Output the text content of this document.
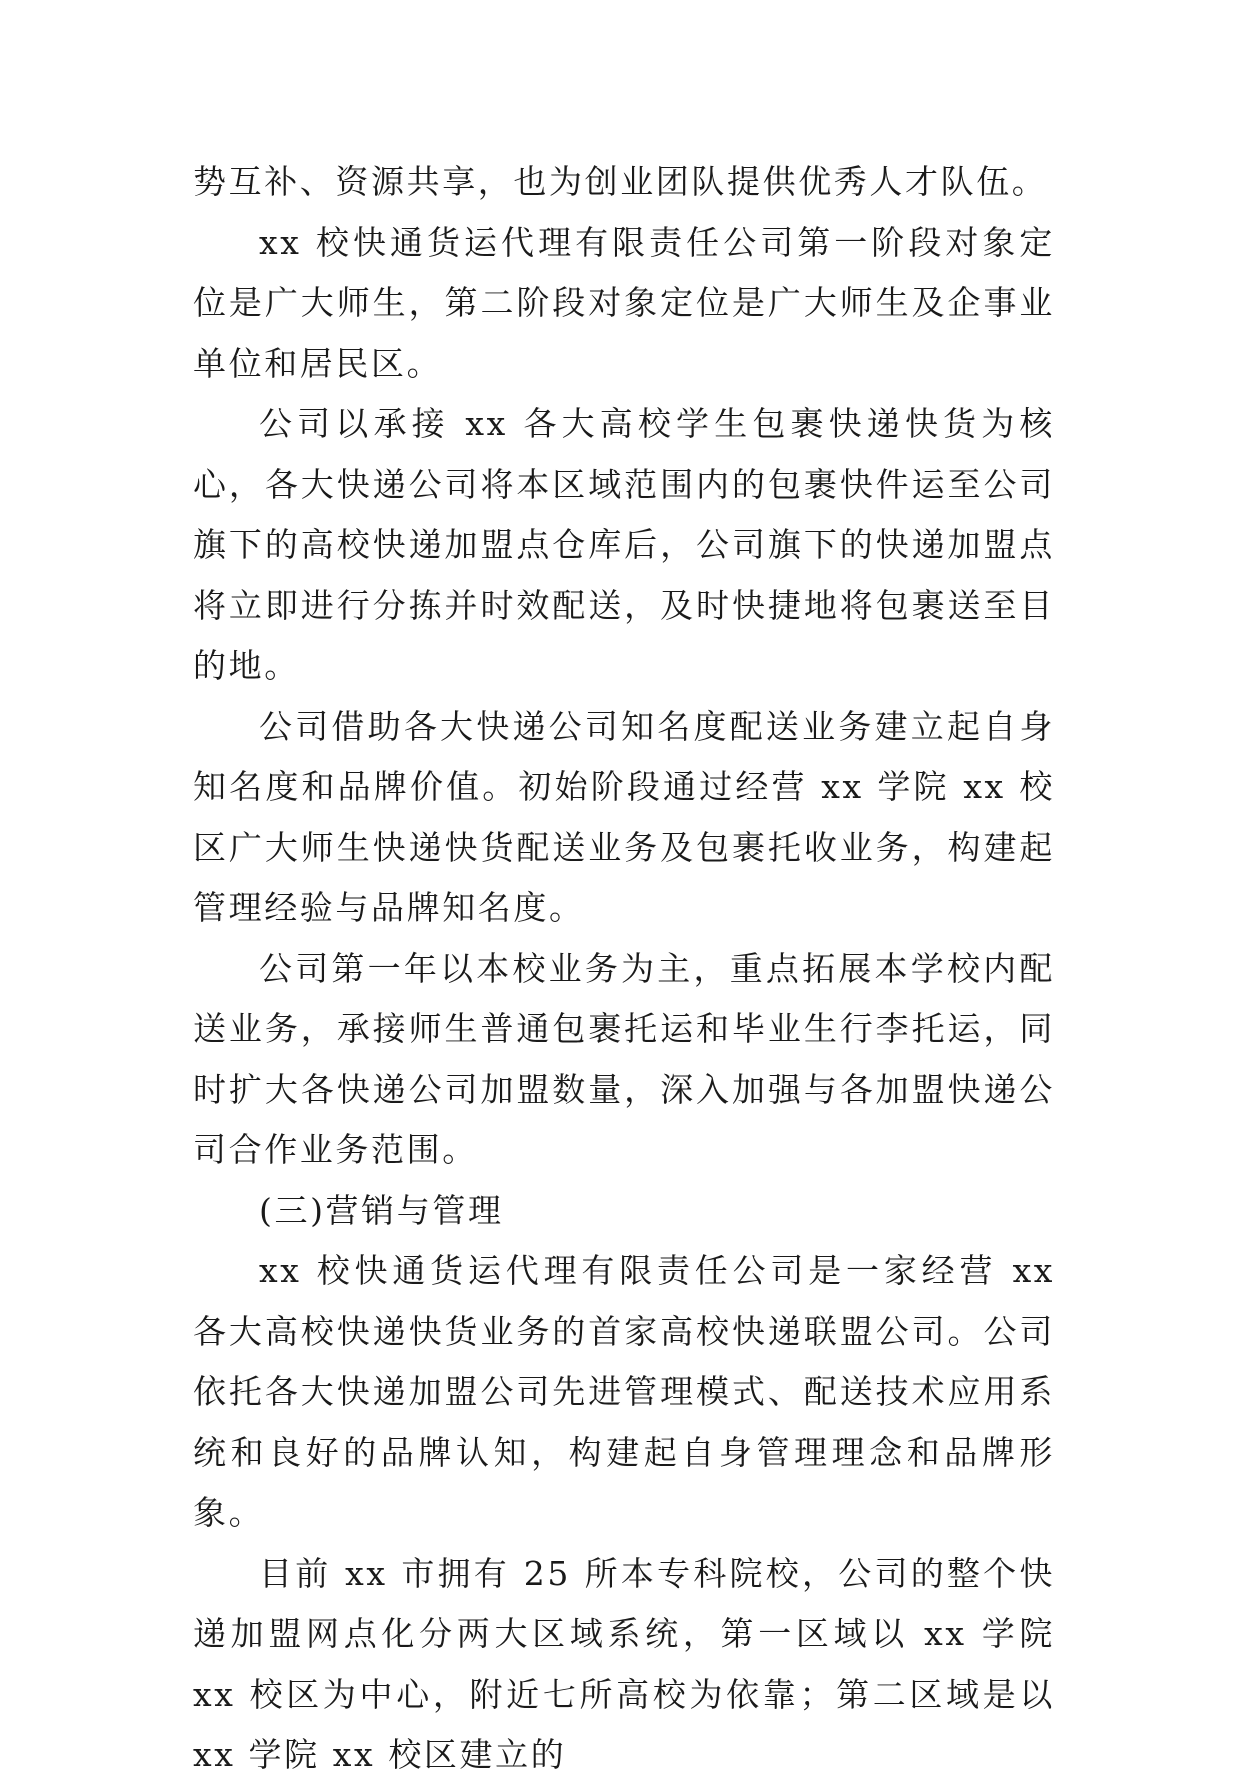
势互补、资源共享，也为创业团队提供优秀人才队伍。

xx 校快通货运代理有限责任公司第一阶段对象定位是广大师生，第二阶段对象定位是广大师生及企事业单位和居民区。

公司以承接 xx 各大高校学生包裹快递快货为核心，各大快递公司将本区域范围内的包裹快件运至公司旗下的高校快递加盟点仓库后，公司旗下的快递加盟点将立即进行分拣并时效配送，及时快捷地将包裹送至目的地。

公司借助各大快递公司知名度配送业务建立起自身知名度和品牌价值。初始阶段通过经营 xx 学院 xx 校区广大师生快递快货配送业务及包裹托收业务，构建起管理经验与品牌知名度。

公司第一年以本校业务为主，重点拓展本学校内配送业务，承接师生普通包裹托运和毕业生行李托运，同时扩大各快递公司加盟数量，深入加强与各加盟快递公司合作业务范围。

(三)营销与管理

xx 校快通货运代理有限责任公司是一家经营 xx 各大高校快递快货业务的首家高校快递联盟公司。公司依托各大快递加盟公司先进管理模式、配送技术应用系统和良好的品牌认知，构建起自身管理理念和品牌形象。

目前 xx 市拥有 25 所本专科院校，公司的整个快递加盟网点化分两大区域系统，第一区域以 xx 学院 xx 校区为中心，附近七所高校为依靠；第二区域是以 xx 学院 xx 校区建立的
